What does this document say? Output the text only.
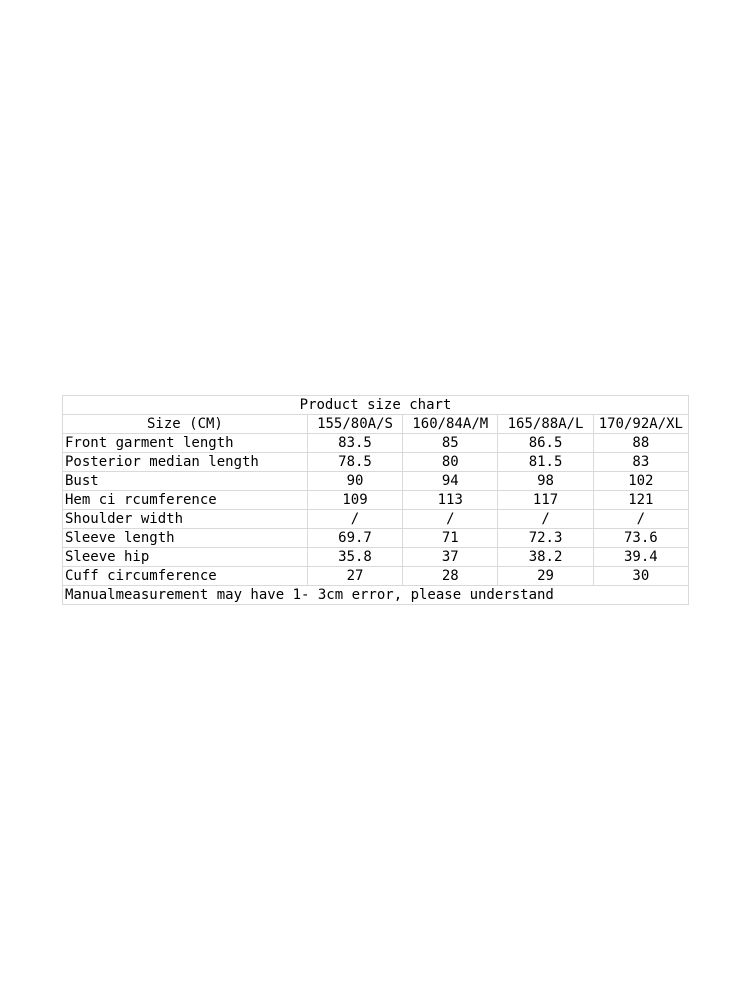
Product size chart				
Size (CM)	155/80A/S	160/84A/M	165/88A/L	170/92A/XL
Front garment length	83.5	85	86.5	88
Posterior median length	78.5	80	81.5	83
Bust	90	94	98	102
Hem ci rcumference	109	113	117	121
Shoulder width	/	/	/	/
Sleeve length	69.7	71	72.3	73.6
Sleeve hip	35.8	37	38.2	39.4
Cuff circumference	27	28	29	30
Manualmeasurement may have 1- 3cm error, please understand				
